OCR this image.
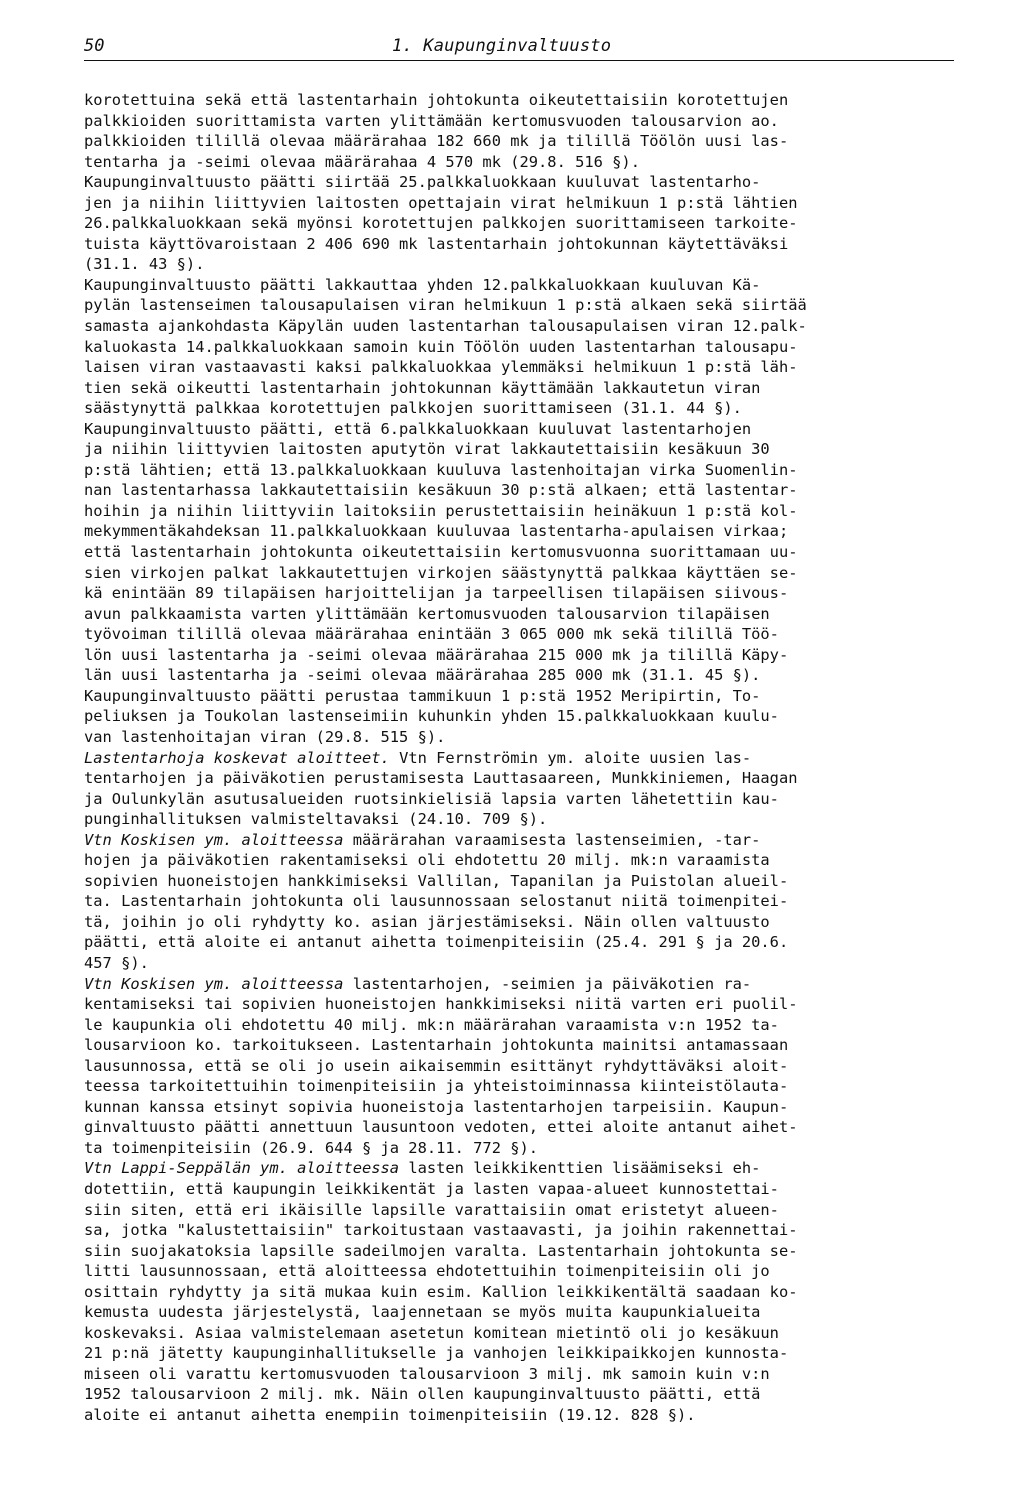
50	1. Kaupunginvaltuusto
korotettuina sekä että lastentarhain johtokunta oikeutettaisiin korotettujen
palkkioiden suorittamista varten ylittämään kertomusvuoden talousarvion ao.
palkkioiden tilillä olevaa määrärahaa 182 660 mk ja tilillä Töölön uusi las-
tentarha ja -seimi olevaa määrärahaa 4 570 mk (29.8. 516 §).
Kaupunginvaltuusto päätti siirtää 25.palkkaluokkaan kuuluvat lastentarho-
jen ja niihin liittyvien laitosten opettajain virat helmikuun 1 p:stä lähtien
26.palkkaluokkaan sekä myönsi korotettujen palkkojen suorittamiseen tarkoite-
tuista käyttövaroistaan 2 406 690 mk lastentarhain johtokunnan käytettäväksi
(31.1. 43 §).
Kaupunginvaltuusto päätti lakkauttaa yhden 12.palkkaluokkaan kuuluvan Kä-
pylän lastenseimen talousapulaisen viran helmikuun 1 p:stä alkaen sekä siirtää
samasta ajankohdasta Käpylän uuden lastentarhan talousapulaisen viran 12.palk-
kaluokasta 14.palkkaluokkaan samoin kuin Töölön uuden lastentarhan talousapu-
laisen viran vastaavasti kaksi palkkaluokkaa ylemmäksi helmikuun 1 p:stä läh-
tien sekä oikeutti lastentarhain johtokunnan käyttämään lakkautetun viran
säästynyttä palkkaa korotettujen palkkojen suorittamiseen (31.1. 44 §).
Kaupunginvaltuusto päätti, että 6.palkkaluokkaan kuuluvat lastentarhojen
ja niihin liittyvien laitosten aputytön virat lakkautettaisiin kesäkuun 30
p:stä lähtien; että 13.palkkaluokkaan kuuluva lastenhoitajan virka Suomenlin-
nan lastentarhassa lakkautettaisiin kesäkuun 30 p:stä alkaen; että lastentar-
hoihin ja niihin liittyviin laitoksiin perustettaisiin heinäkuun 1 p:stä kol-
mekymmentäkahdeksan 11.palkkaluokkaan kuuluvaa lastentarha-apulaisen virkaa;
että lastentarhain johtokunta oikeutettaisiin kertomusvuonna suorittamaan uu-
sien virkojen palkat lakkautettujen virkojen säästynyttä palkkaa käyttäen se-
kä enintään 89 tilapäisen harjoittelijan ja tarpeellisen tilapäisen siivous-
avun palkkaamista varten ylittämään kertomusvuoden talousarvion tilapäisen
työvoiman tilillä olevaa määrärahaa enintään 3 065 000 mk sekä tilillä Töö-
lön uusi lastentarha ja -seimi olevaa määrärahaa 215 000 mk ja tilillä Käpy-
län uusi lastentarha ja -seimi olevaa määrärahaa 285 000 mk (31.1. 45 §).
Kaupunginvaltuusto päätti perustaa tammikuun 1 p:stä 1952 Meripirtin, To-
peliuksen ja Toukolan lastenseimiin kuhunkin yhden 15.palkkaluokkaan kuulu-
van lastenhoitajan viran (29.8. 515 §).
Lastentarhoja koskevat aloitteet. Vtn Fernströmin ym. aloite uusien las-
tentarhojen ja päiväkotien perustamisesta Lauttasaareen, Munkkiniemen, Haagan
ja Oulunkylän asutusalueiden ruotsinkielisiä lapsia varten lähetettiin kau-
punginhallituksen valmisteltavaksi (24.10. 709 §).
Vtn Koskisen ym. aloitteessa määrärahan varaamisesta lastenseimien, -tar-
hojen ja päiväkotien rakentamiseksi oli ehdotettu 20 milj. mk:n varaamista
sopivien huoneistojen hankkimiseksi Vallilan, Tapanilan ja Puistolan alueil-
ta. Lastentarhain johtokunta oli lausunnossaan selostanut niitä toimenpitei-
tä, joihin jo oli ryhdytty ko. asian järjestämiseksi. Näin ollen valtuusto
päätti, että aloite ei antanut aihetta toimenpiteisiin (25.4. 291 § ja 20.6.
457 §).
Vtn Koskisen ym. aloitteessa lastentarhojen, -seimien ja päiväkotien ra-
kentamiseksi tai sopivien huoneistojen hankkimiseksi niitä varten eri puolil-
le kaupunkia oli ehdotettu 40 milj. mk:n määrärahan varaamista v:n 1952 ta-
lousarvioon ko. tarkoitukseen. Lastentarhain johtokunta mainitsi antamassaan
lausunnossa, että se oli jo usein aikaisemmin esittänyt ryhdyttäväksi aloit-
teessa tarkoitettuihin toimenpiteisiin ja yhteistoiminnassa kiinteistölauta-
kunnan kanssa etsinyt sopivia huoneistoja lastentarhojen tarpeisiin. Kaupun-
ginvaltuusto päätti annettuun lausuntoon vedoten, ettei aloite antanut aihet-
ta toimenpiteisiin (26.9. 644 § ja 28.11. 772 §).
Vtn Lappi-Seppälän ym. aloitteessa lasten leikkikenttien lisäämiseksi eh-
dotettiin, että kaupungin leikkikentät ja lasten vapaa-alueet kunnostettai-
siin siten, että eri ikäisille lapsille varattaisiin omat eristetyt alueen-
sa, jotka "kalustettaisiin" tarkoitustaan vastaavasti, ja joihin rakennettai-
siin suojakatoksia lapsille sadeilmojen varalta. Lastentarhain johtokunta se-
litti lausunnossaan, että aloitteessa ehdotettuihin toimenpiteisiin oli jo
osittain ryhdytty ja sitä mukaa kuin esim. Kallion leikkikentältä saadaan ko-
kemusta uudesta järjestelystä, laajennetaan se myös muita kaupunkialueita
koskevaksi. Asiaa valmistelemaan asetetun komitean mietintö oli jo kesäkuun
21 p:nä jätetty kaupunginhallitukselle ja vanhojen leikkipaikkojen kunnosta-
miseen oli varattu kertomusvuoden talousarvioon 3 milj. mk samoin kuin v:n
1952 talousarvioon 2 milj. mk. Näin ollen kaupunginvaltuusto päätti, että
aloite ei antanut aihetta enempiin toimenpiteisiin (19.12. 828 §).
